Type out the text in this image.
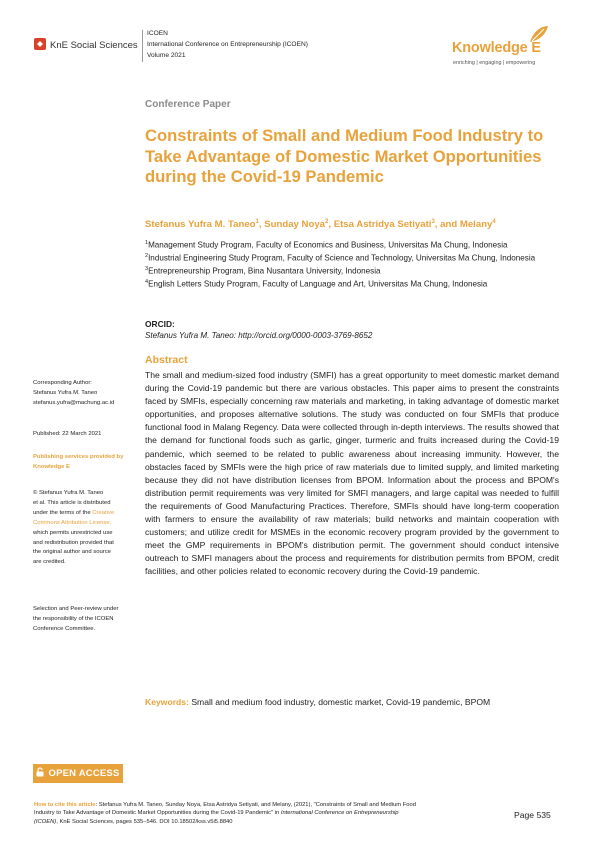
KnE Social Sciences
ICOEN
International Conference on Entrepreneurship (ICOEN)
Volume 2021	Knowledge E
enriching | engaging | empowering
Conference Paper
Constraints of Small and Medium Food Industry to Take Advantage of Domestic Market Opportunities during the Covid-19 Pandemic
Stefanus Yufra M. Taneo$^1$, Sunday Noya$^2$, Etsa Astridya Setiyati$^3$, and Melany$^4$
$^1$Management Study Program, Faculty of Economics and Business, Universitas Ma Chung, Indonesia
$^2$Industrial Engineering Study Program, Faculty of Science and Technology, Universitas Ma Chung, Indonesia
$^3$Entrepreneurship Program, Bina Nusantara University, Indonesia
$^4$English Letters Study Program, Faculty of Language and Art, Universitas Ma Chung, Indonesia
ORCID:
Stefanus Yufra M. Taneo: http://orcid.org/0000-0003-3769-8652
Abstract

The small and medium-sized food industry (SMFI) has a great opportunity to meet domestic market demand during the Covid-19 pandemic but there are various obstacles. This paper aims to present the constraints faced by SMFIs, especially concerning raw materials and marketing, in taking advantage of domestic market opportunities, and proposes alternative solutions. The study was conducted on four SMFIs that produce functional food in Malang Regency. Data were collected through in-depth interviews. The results showed that the demand for functional foods such as garlic, ginger, turmeric and fruits increased during the Covid-19 pandemic, which seemed to be related to public awareness about increasing immunity. However, the obstacles faced by SMFIs were the high price of raw materials due to limited supply, and limited marketing because they did not have distribution licenses from BPOM. Information about the process and BPOM's distribution permit requirements was very limited for SMFI managers, and large capital was needed to fulfill the requirements of Good Manufacturing Practices. Therefore, SMFIs should have long-term cooperation with farmers to ensure the availability of raw materials; build networks and maintain cooperation with customers; and utilize credit for MSMEs in the economic recovery program provided by the government to meet the GMP requirements in BPOM's distribution permit. The government should conduct intensive outreach to SMFI managers about the process and requirements for distribution permits from BPOM, credit facilities, and other policies related to economic recovery during the Covid-19 pandemic.

Keywords: Small and medium food industry, domestic market, Covid-19 pandemic, BPOM
Corresponding Author:
Stefanus Yufra M. Taneo
stefanus.yufra@machung.ac.id
Published: 22 March 2021
Publishing services provided by
Knowledge E
© Stefanus Yufra M. Taneo
et al. This article is distributed
under the terms of the Creative
Commons Attribution License,
which permits unrestricted use
and redistribution provided that
the original author and source
are credited.
Selection and Peer-review under
the responsibility of the ICOEN
Conference Committee.
OPEN ACCESS
How to cite this article: Stefanus Yufra M. Taneo, Sunday Noya, Etsa Astridya Setiyati, and Melany, (2021), "Constraints of Small and Medium Food
Industry to Take Advantage of Domestic Market Opportunities during the Covid-19 Pandemic" in International Conference on Entrepreneurship
(ICOEN), KnE Social Sciences, pages 535–546. DOI 10.18502/kss.v5i5.8840
Page 535
